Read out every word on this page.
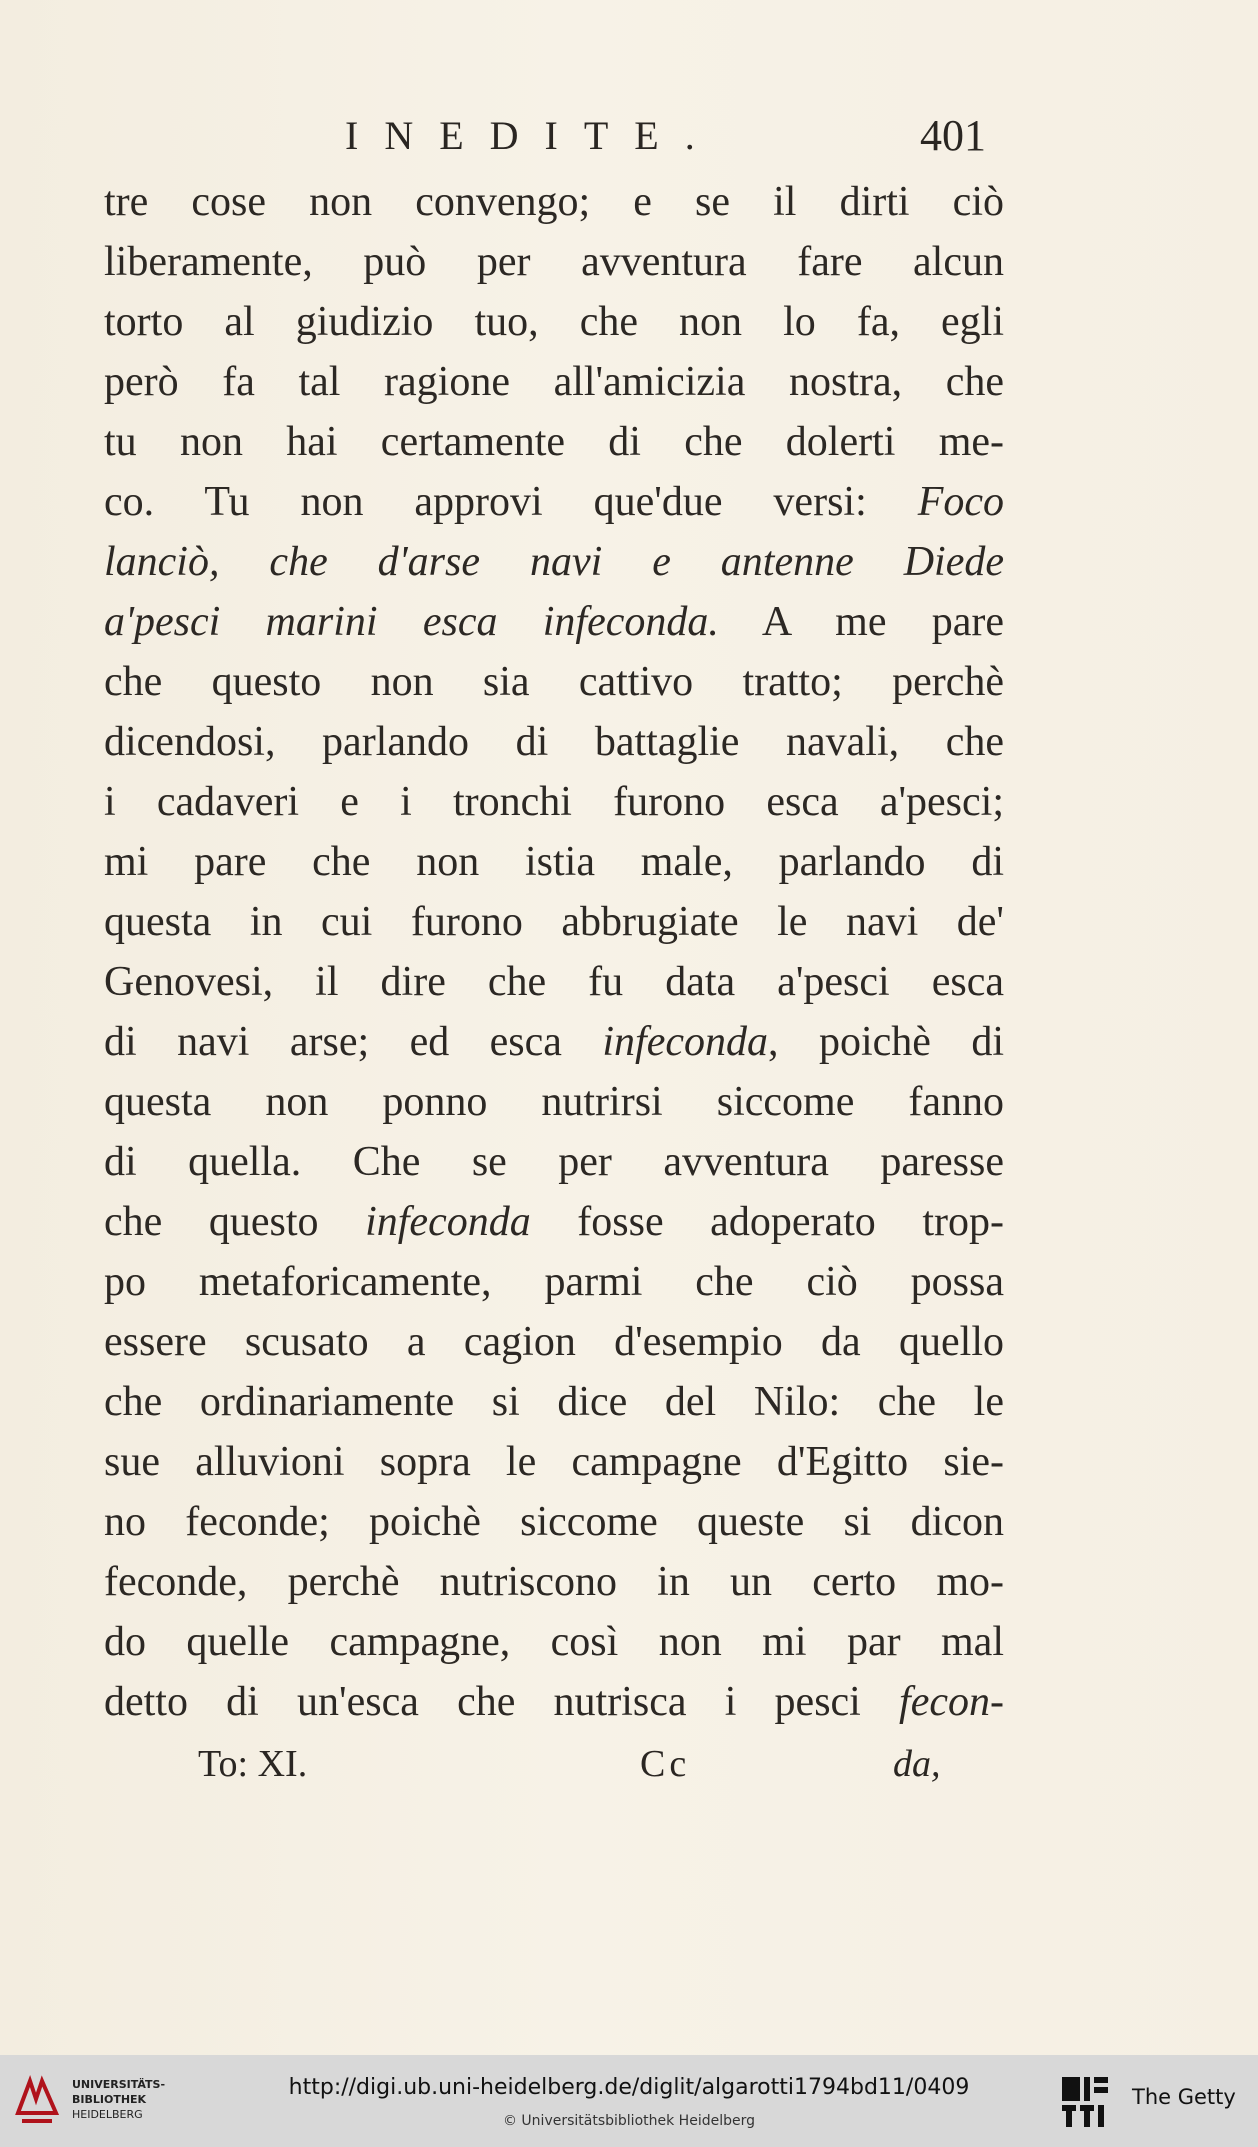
INEDITE.	401
tre cose non convengo; e se il dirti ciò
liberamente, può per avventura fare alcun
torto al giudizio tuo, che non lo fa, egli
però fa tal ragione all'amicizia nostra, che
tu non hai certamente di che dolerti me-
co. Tu non approvi que'due versi: Foco
lanciò, che d'arse navi e antenne Diede
a'pesci marini esca infeconda. A me pare
che questo non sia cattivo tratto; perchè
dicendosi, parlando di battaglie navali, che
i cadaveri e i tronchi furono esca a'pesci;
mi pare che non istia male, parlando di
questa in cui furono abbrugiate le navi de'
Genovesi, il dire che fu data a'pesci esca
di navi arse; ed esca infeconda, poichè di
questa non ponno nutrirsi siccome fanno
di quella. Che se per avventura paresse
che questo infeconda fosse adoperato trop-
po metaforicamente, parmi che ciò possa
essere scusato a cagion d'esempio da quello
che ordinariamente si dice del Nilo: che le
sue alluvioni sopra le campagne d'Egitto sie-
no feconde; poichè siccome queste si dicon
feconde, perchè nutriscono in un certo mo-
do quelle campagne, così non mi par mal
detto di un'esca che nutrisca i pesci fecon-
To: XI.	Cc	da,
UNIVERSITÄTS-
BIBLIOTHEK
HEIDELBERG
http://digi.ub.uni-heidelberg.de/diglit/algarotti1794bd11/0409
© Universitätsbibliothek Heidelberg
The Getty
